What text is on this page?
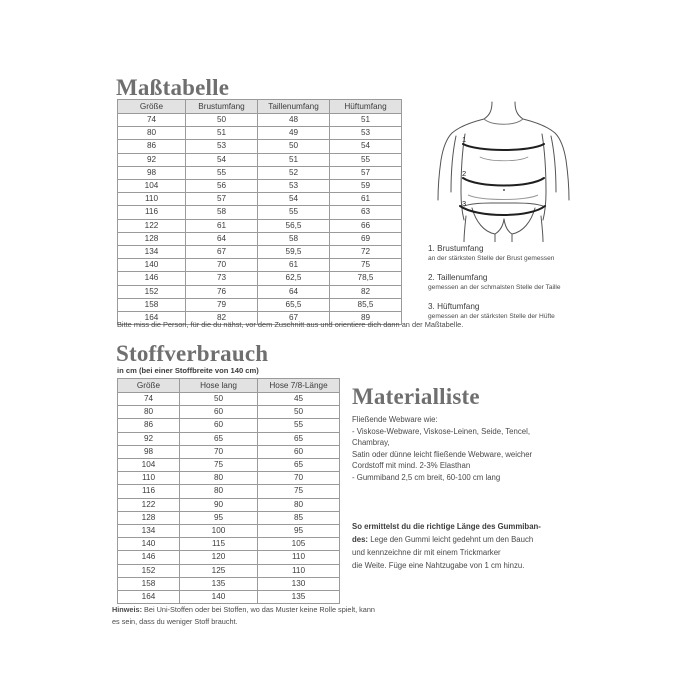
Maßtabelle
Größe	Brustumfang	Taillenumfang	Hüftumfang
74	50	48	51
80	51	49	53
86	53	50	54
92	54	51	55
98	55	52	57
104	56	53	59
110	57	54	61
116	58	55	63
122	61	56,5	66
128	64	58	69
134	67	59,5	72
140	70	61	75
146	73	62,5	78,5
152	76	64	82
158	79	65,5	85,5
164	82	67	89
Bitte miss die Person, für die du nähst, vor dem Zuschnitt aus und orientiere dich dann an der Maßtabelle.
1
2
3
1. Brustumfang
an der stärksten Stelle der Brust gemessen
2. Taillenumfang
gemessen an der schmalsten Stelle der Taille
3. Hüftumfang
gemessen an der stärksten Stelle der Hüfte
Stoffverbrauch
in cm (bei einer Stoffbreite von 140 cm)
Größe	Hose lang	Hose 7/8-Länge
74	50	45
80	60	50
86	60	55
92	65	65
98	70	60
104	75	65
110	80	70
116	80	75
122	90	80
128	95	85
134	100	95
140	115	105
146	120	110
152	125	110
158	135	130
164	140	135
Hinweis: Bei Uni-Stoffen oder bei Stoffen, wo das Muster keine Rolle spielt, kann
es sein, dass du weniger Stoff braucht.
Materialliste
Fließende Webware wie:
- Viskose-Webware, Viskose-Leinen, Seide, Tencel,
Chambray,
Satin oder dünne leicht fließende Webware, weicher
Cordstoff mit mind. 2-3% Elasthan
- Gummiband 2,5 cm breit, 60-100 cm lang
So ermittelst du die richtige Länge des Gummiban-
des: Lege den Gummi leicht gedehnt um den Bauch
und kennzeichne dir mit einem Trickmarker
die Weite. Füge eine Nahtzugabe von 1 cm hinzu.
